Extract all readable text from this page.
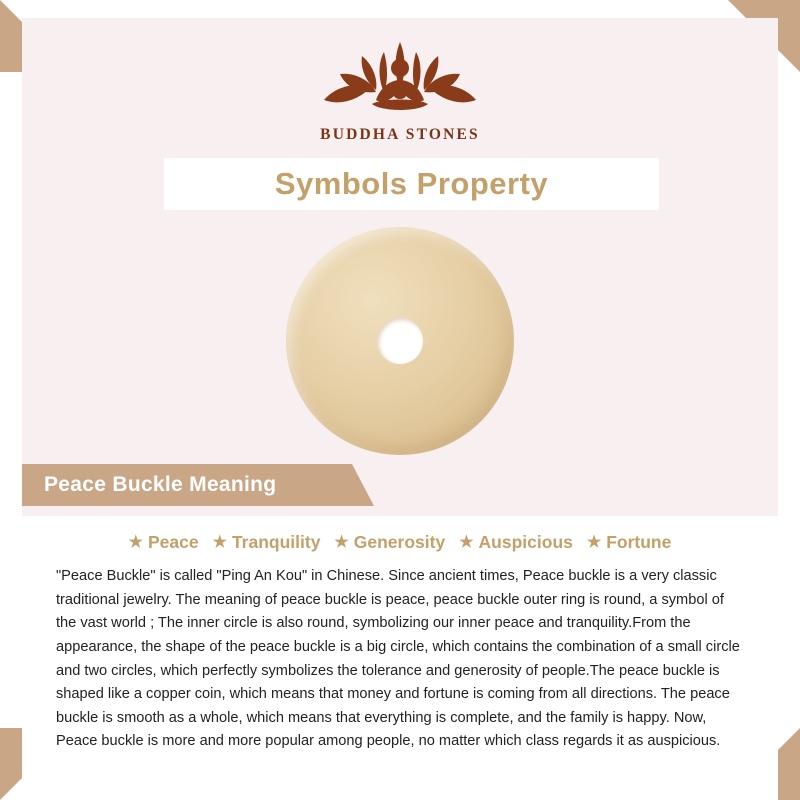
BUDDHA STONES
Symbols Property
Peace Buckle Meaning
★ Peace ★ Tranquility ★ Generosity ★ Auspicious ★ Fortune

"Peace Buckle" is called "Ping An Kou" in Chinese. Since ancient times, Peace buckle is a very classic traditional jewelry. The meaning of peace buckle is peace, peace buckle outer ring is round, a symbol of the vast world ; The inner circle is also round, symbolizing our inner peace and tranquility.From the appearance, the shape of the peace buckle is a big circle, which contains the combination of a small circle and two circles, which perfectly symbolizes the tolerance and generosity of people.The peace buckle is shaped like a copper coin, which means that money and fortune is coming from all directions. The peace buckle is smooth as a whole, which means that everything is complete, and the family is happy. Now, Peace buckle is more and more popular among people, no matter which class regards it as auspicious.
